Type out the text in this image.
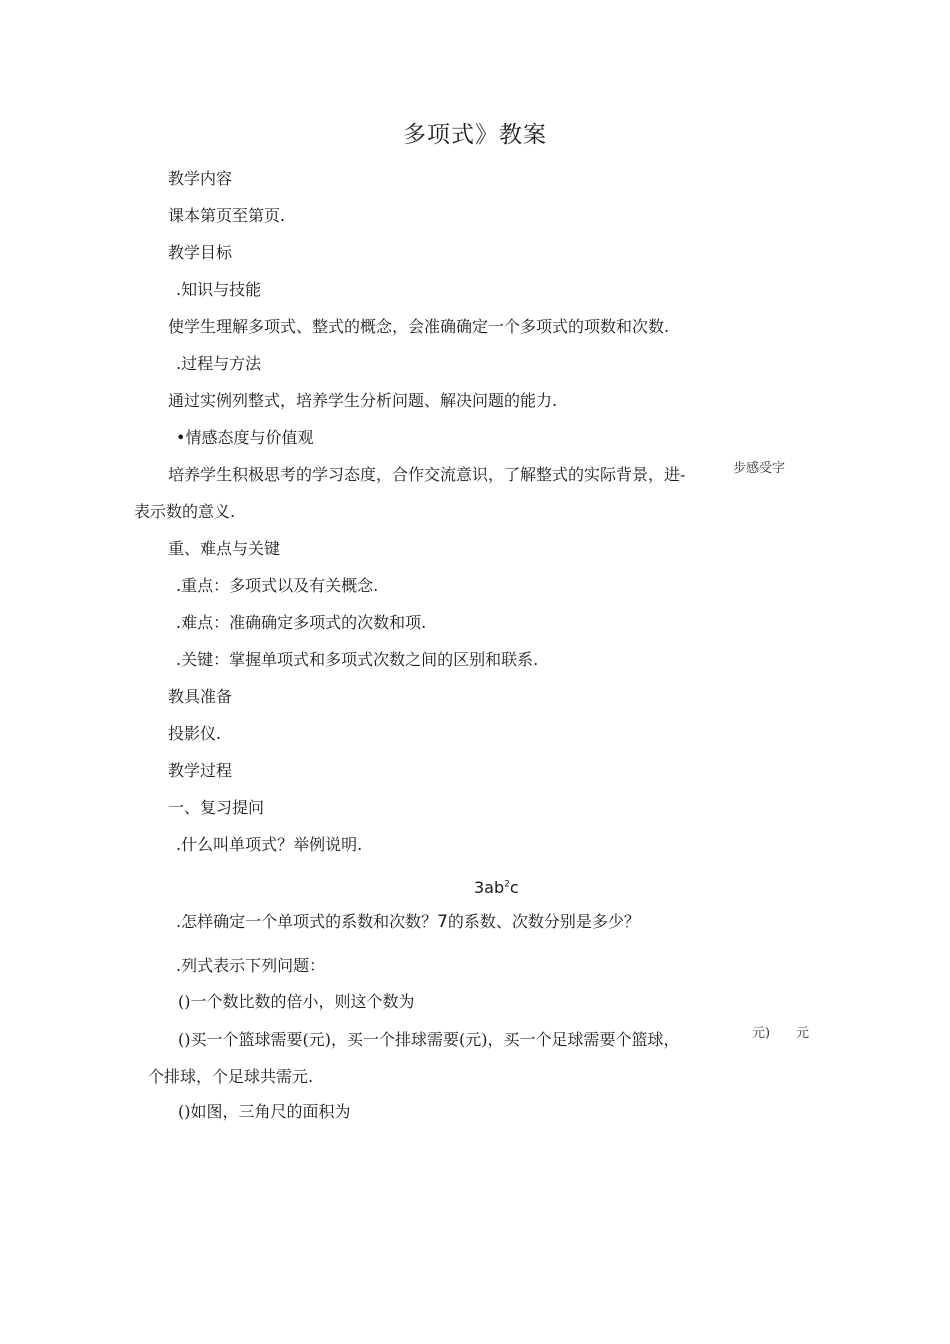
多项式》教案
教学内容
课本第页至第页.
教学目标
.知识与技能
使学生理解多项式、整式的概念，会准确确定一个多项式的项数和次数.
.过程与方法
通过实例列整式，培养学生分析问题、解决问题的能力.
•情感态度与价值观
培养学生积极思考的学习态度，合作交流意识，了解整式的实际背景，进-	步感受字
表示数的意义.
重、难点与关键
.重点：多项式以及有关概念.
.难点：准确确定多项式的次数和项.
.关键：掌握单项式和多项式次数之间的区别和联系.
教具准备
投影仪.
教学过程
一、复习提问
.什么叫单项式？举例说明.
$3ab^2c$
.怎样确定一个单项式的系数和次数？7的系数、次数分别是多少？
.列式表示下列问题：
()一个数比数的倍小，则这个数为
()买一个篮球需要(元)，买一个排球需要(元)，买一个足球需要个篮球，	元) 元
个排球，个足球共需元.
()如图，三角尺的面积为
